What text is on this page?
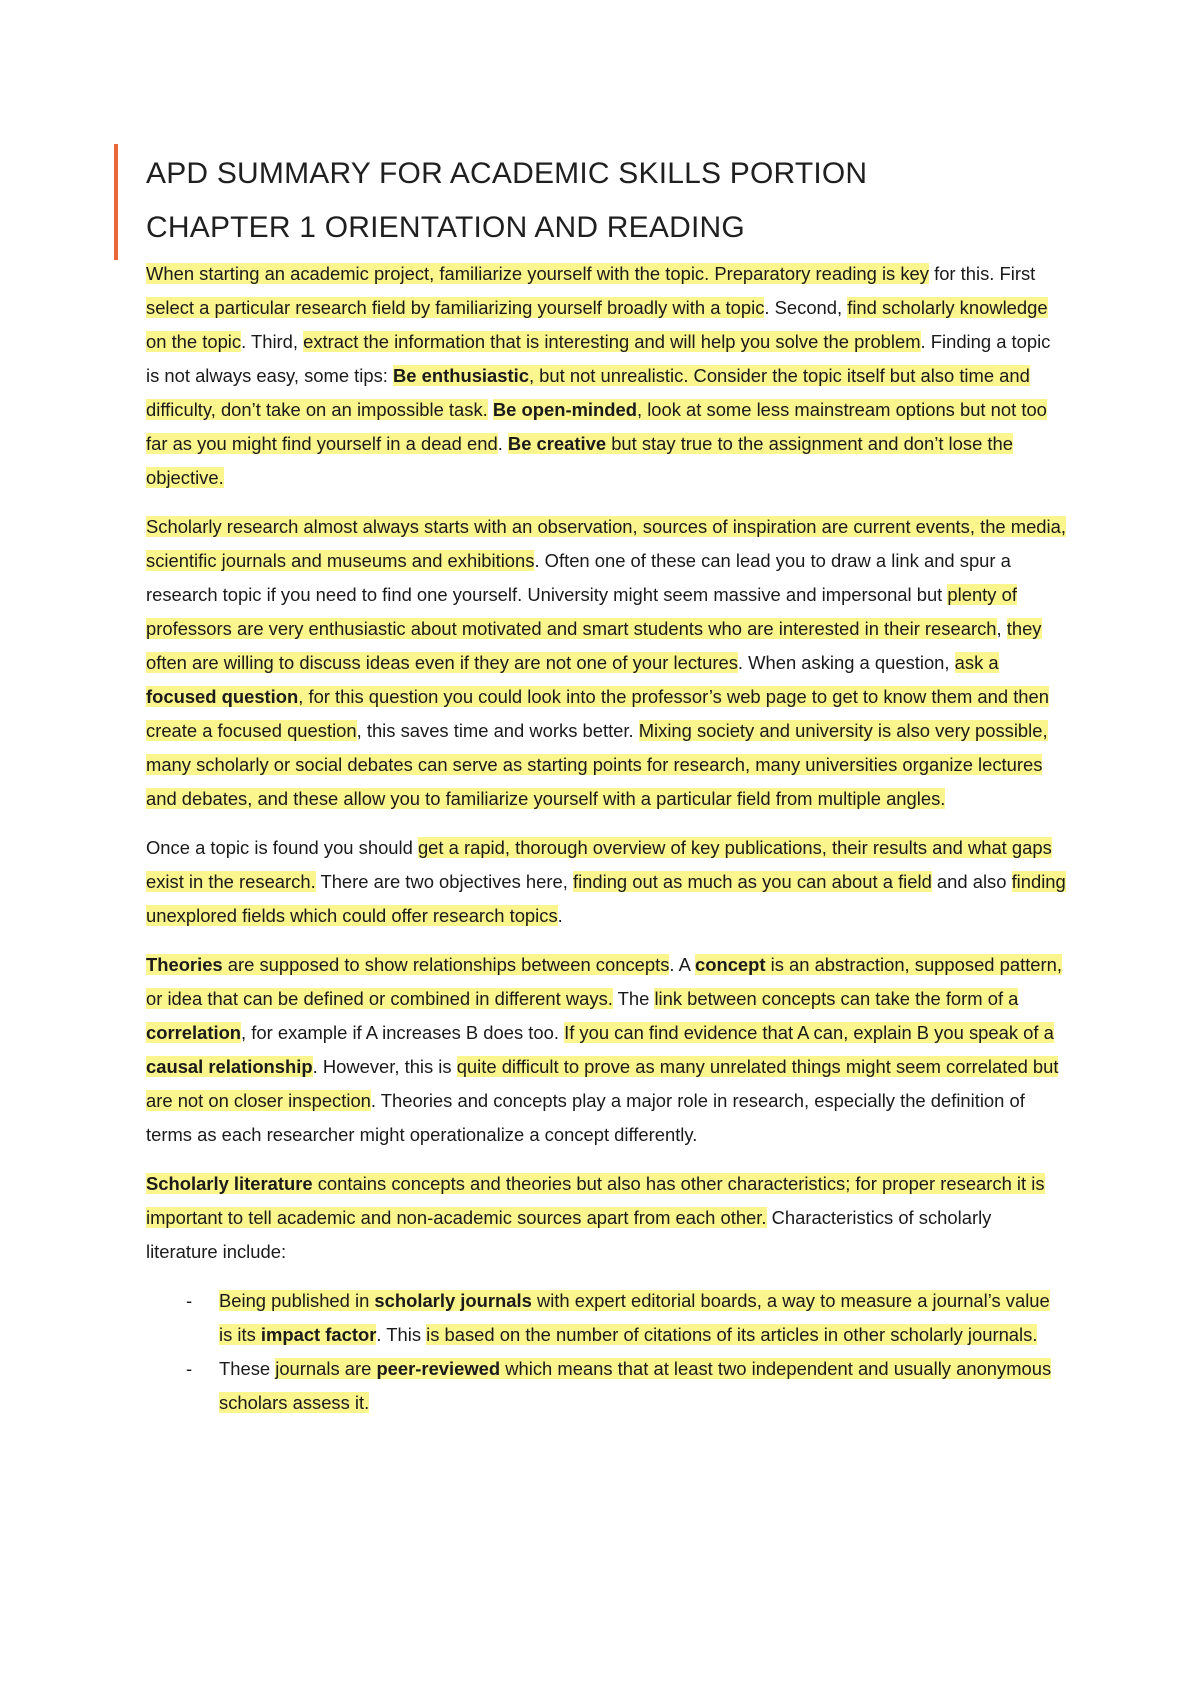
APD SUMMARY FOR ACADEMIC SKILLS PORTION
CHAPTER 1 ORIENTATION AND READING

When starting an academic project, familiarize yourself with the topic. Preparatory reading is key for this. First select a particular research field by familiarizing yourself broadly with a topic. Second, find scholarly knowledge on the topic. Third, extract the information that is interesting and will help you solve the problem. Finding a topic is not always easy, some tips: Be enthusiastic, but not unrealistic. Consider the topic itself but also time and difficulty, don’t take on an impossible task. Be open-minded, look at some less mainstream options but not too far as you might find yourself in a dead end. Be creative but stay true to the assignment and don’t lose the objective.

Scholarly research almost always starts with an observation, sources of inspiration are current events, the media, scientific journals and museums and exhibitions. Often one of these can lead you to draw a link and spur a research topic if you need to find one yourself. University might seem massive and impersonal but plenty of professors are very enthusiastic about motivated and smart students who are interested in their research, they often are willing to discuss ideas even if they are not one of your lectures. When asking a question, ask a focused question, for this question you could look into the professor’s web page to get to know them and then create a focused question, this saves time and works better. Mixing society and university is also very possible, many scholarly or social debates can serve as starting points for research, many universities organize lectures and debates, and these allow you to familiarize yourself with a particular field from multiple angles.

Once a topic is found you should get a rapid, thorough overview of key publications, their results and what gaps exist in the research. There are two objectives here, finding out as much as you can about a field and also finding unexplored fields which could offer research topics.

Theories are supposed to show relationships between concepts. A concept is an abstraction, supposed pattern, or idea that can be defined or combined in different ways. The link between concepts can take the form of a correlation, for example if A increases B does too. If you can find evidence that A can, explain B you speak of a causal relationship. However, this is quite difficult to prove as many unrelated things might seem correlated but are not on closer inspection. Theories and concepts play a major role in research, especially the definition of terms as each researcher might operationalize a concept differently.

Scholarly literature contains concepts and theories but also has other characteristics; for proper research it is important to tell academic and non-academic sources apart from each other. Characteristics of scholarly literature include:

- Being published in scholarly journals with expert editorial boards, a way to measure a journal’s value is its impact factor. This is based on the number of citations of its articles in other scholarly journals.
- These journals are peer-reviewed which means that at least two independent and usually anonymous scholars assess it.
